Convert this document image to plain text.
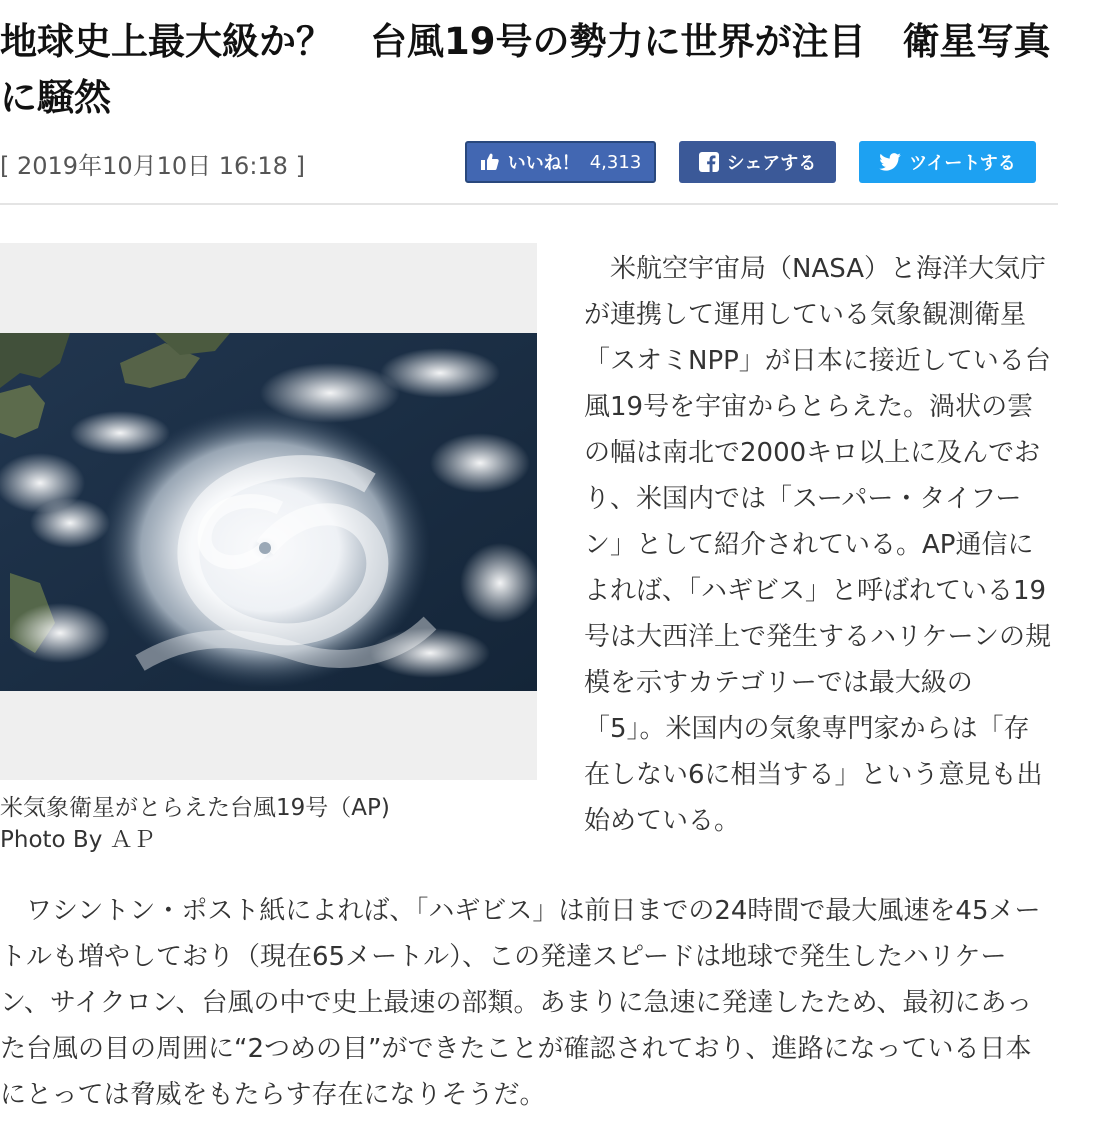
地球史上最大級か？　台風19号の勢力に世界が注目　衛星写真に騒然
[ 2019年10月10日 16:18 ]	いいね！ 4,313	シェアする	ツイートする
米気象衛星がとらえた台風19号（AP)
Photo By ＡＰ

米航空宇宙局（NASA）と海洋大気庁が連携して運用している気象観測衛星「スオミNPP」が日本に接近している台風19号を宇宙からとらえた。渦状の雲の幅は南北で2000キロ以上に及んでおり、米国内では「スーパー・タイフーン」として紹介されている。AP通信によれば、「ハギビス」と呼ばれている19号は大西洋上で発生するハリケーンの規模を示すカテゴリーでは最大級の「5」。米国内の気象専門家からは「存在しない6に相当する」という意見も出始めている。

ワシントン・ポスト紙によれば、「ハギビス」は前日までの24時間で最大風速を45メートルも増やしており（現在65メートル）、この発達スピードは地球で発生したハリケーン、サイクロン、台風の中で史上最速の部類。あまりに急速に発達したため、最初にあった台風の目の周囲に“2つめの目”ができたことが確認されており、進路になっている日本にとっては脅威をもたらす存在になりそうだ。
